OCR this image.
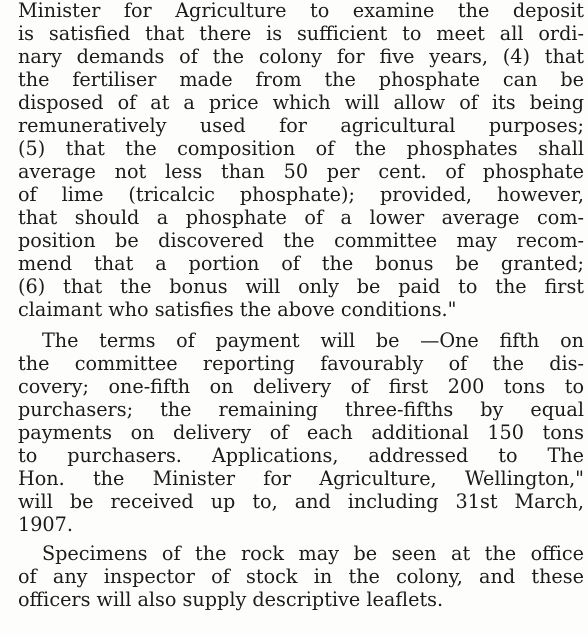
Minister for Agriculture to examine the deposit
is satisfied that there is sufficient to meet all ordi-
nary demands of the colony for five years, (4) that
the fertiliser made from the phosphate can be
disposed of at a price which will allow of its being
remuneratively used for agricultural purposes;
(5) that the composition of the phosphates shall
average not less than 50 per cent. of phosphate
of lime (tricalcic phosphate); provided, however,
that should a phosphate of a lower average com-
position be discovered the committee may recom-
mend that a portion of the bonus be granted;
(6) that the bonus will only be paid to the first
claimant who satisfies the above conditions."
The terms of payment will be —One fifth on
the committee reporting favourably of the dis-
covery; one-fifth on delivery of first 200 tons to
purchasers; the remaining three-fifths by equal
payments on delivery of each additional 150 tons
to purchasers. Applications, addressed to The
Hon. the Minister for Agriculture, Wellington,"
will be received up to, and including 31st March,
1907.
Specimens of the rock may be seen at the office
of any inspector of stock in the colony, and these
officers will also supply descriptive leaflets.
